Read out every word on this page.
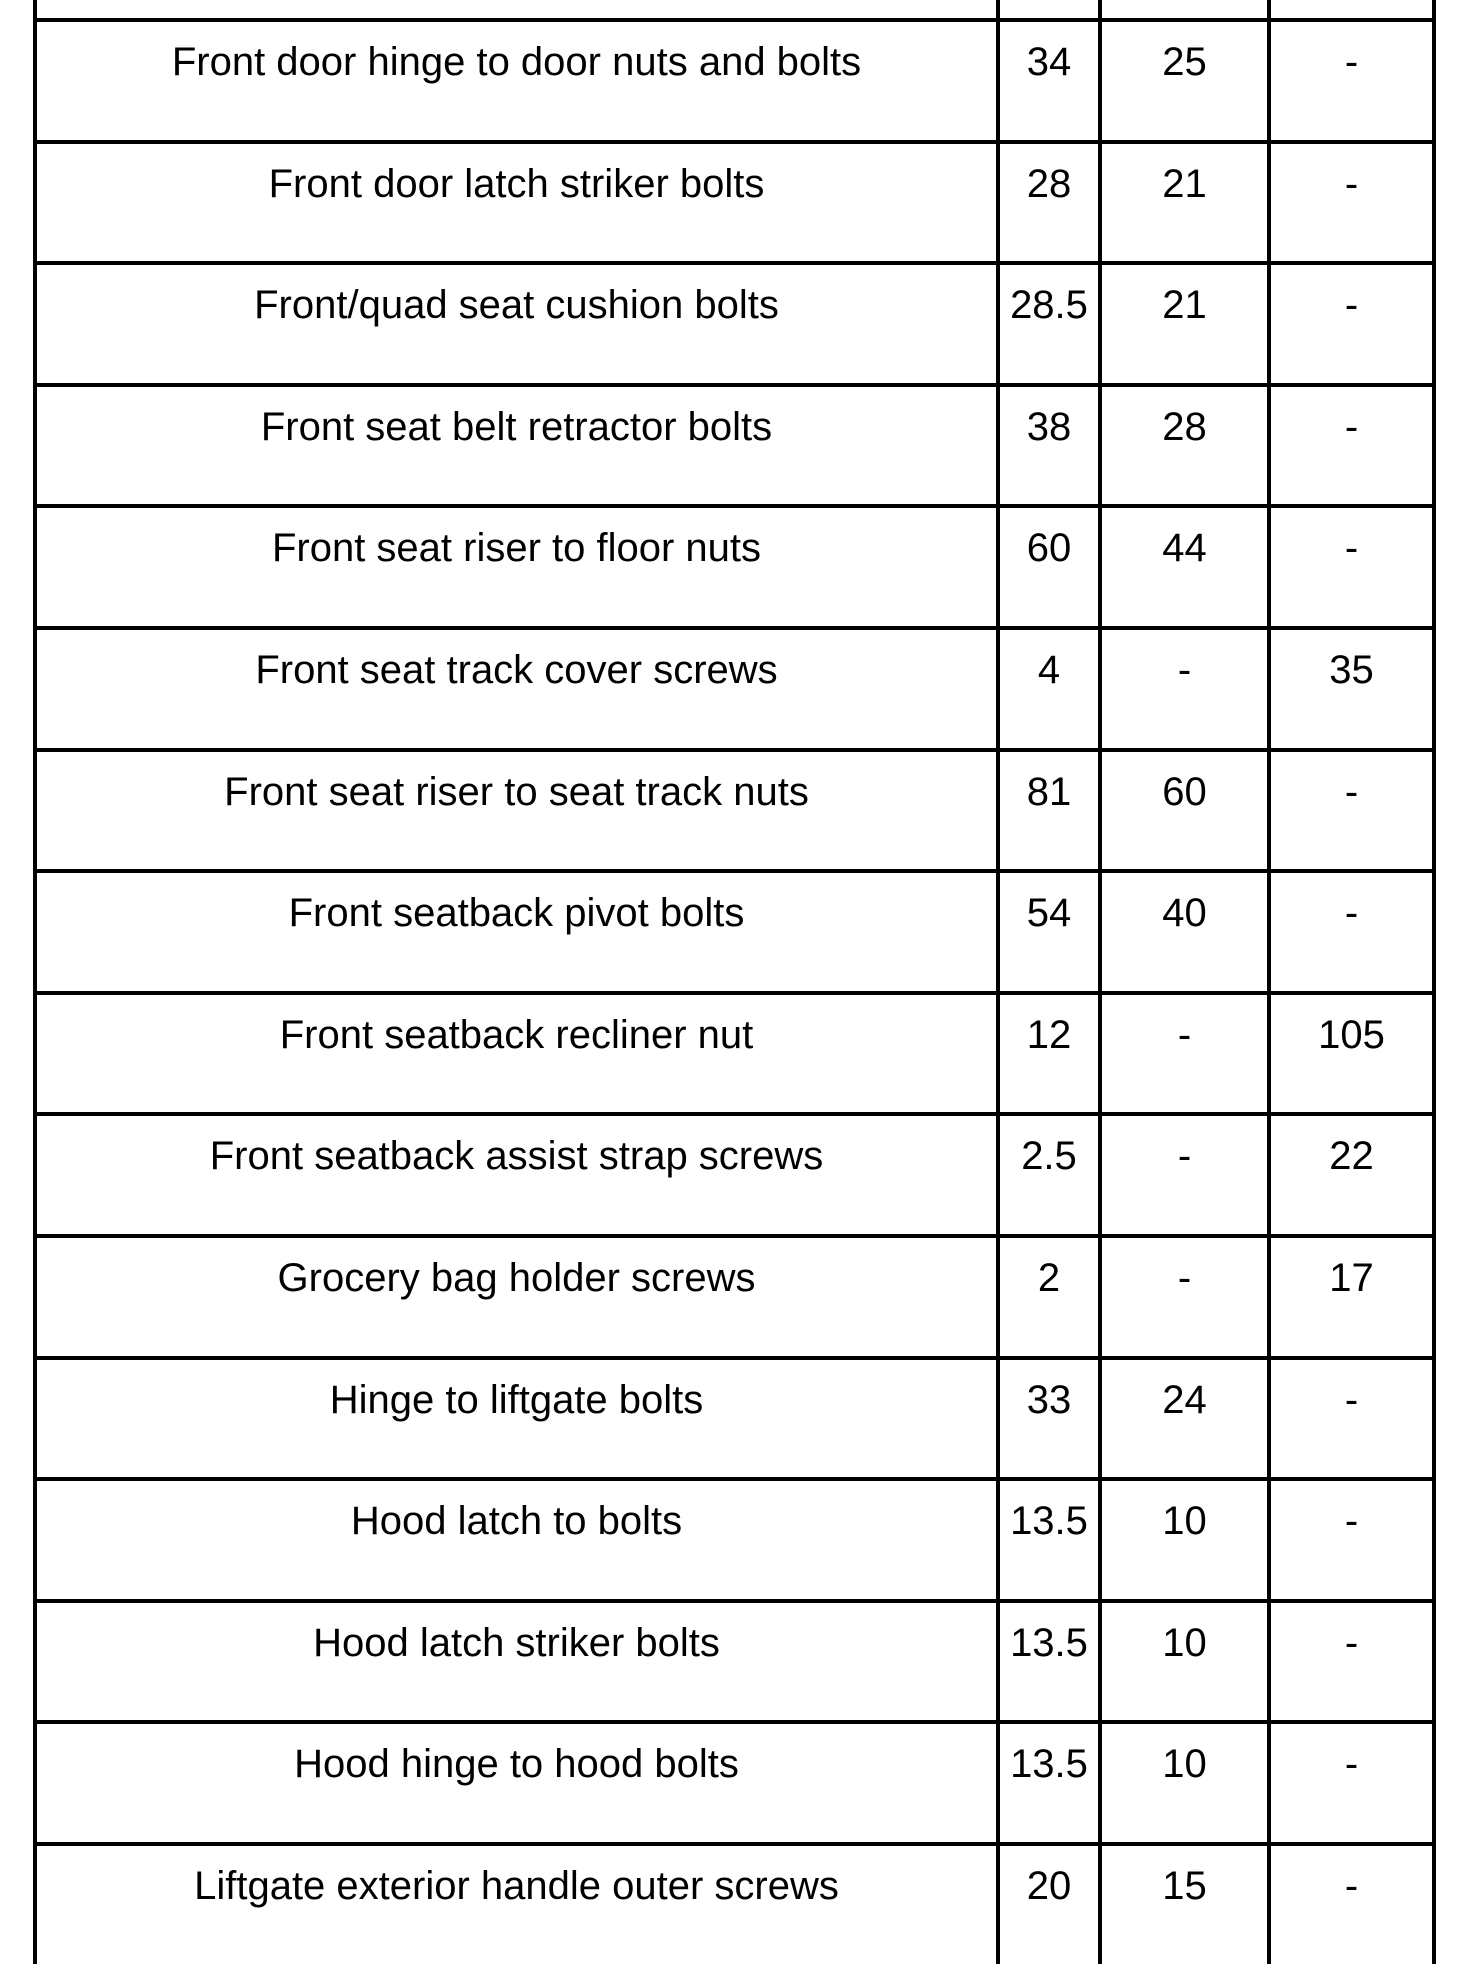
Front door hinge to door nuts and bolts	34	25	-
Front door latch striker bolts	28	21	-
Front/quad seat cushion bolts	28.5	21	-
Front seat belt retractor bolts	38	28	-
Front seat riser to floor nuts	60	44	-
Front seat track cover screws	4	-	35
Front seat riser to seat track nuts	81	60	-
Front seatback pivot bolts	54	40	-
Front seatback recliner nut	12	-	105
Front seatback assist strap screws	2.5	-	22
Grocery bag holder screws	2	-	17
Hinge to liftgate bolts	33	24	-
Hood latch to bolts	13.5	10	-
Hood latch striker bolts	13.5	10	-
Hood hinge to hood bolts	13.5	10	-
Liftgate exterior handle outer screws	20	15	-
